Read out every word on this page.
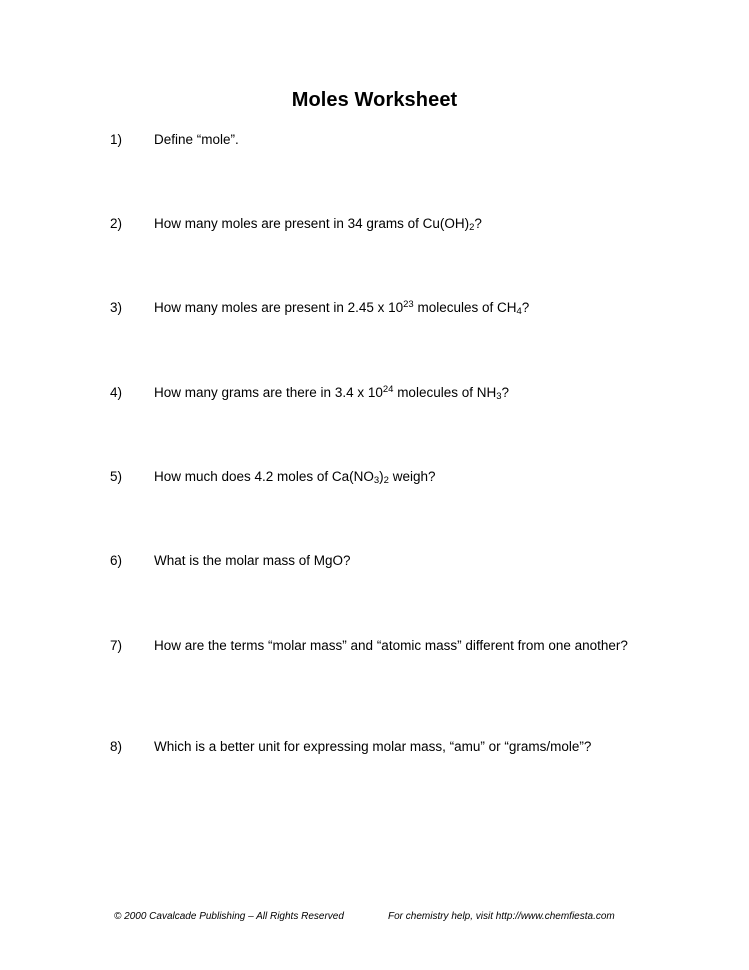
Moles Worksheet
1)	Define “mole”.
2)	How many moles are present in 34 grams of $Cu(OH)_2$?
3)	How many moles are present in 2.45 x $10^{23}$ molecules of $CH_4$?
4)	How many grams are there in 3.4 x $10^{24}$ molecules of $NH_3$?
5)	How much does 4.2 moles of $Ca(NO_3)_2$ weigh?
6)	What is the molar mass of MgO?
7)	How are the terms “molar mass” and “atomic mass” different from one another?
8)	Which is a better unit for expressing molar mass, “amu” or “grams/mole”?
© 2000 Cavalcade Publishing – All Rights Reserved	For chemistry help, visit http://www.chemfiesta.com
